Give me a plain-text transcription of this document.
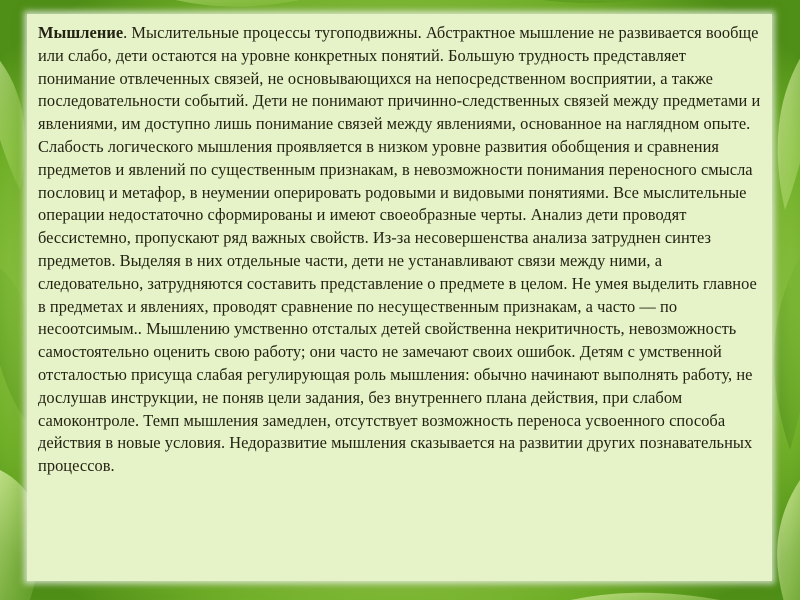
Мышление. Мыслительные процессы тугоподвижны. Абстрактное мышление не развивается вообще или слабо, дети остаются на уровне конкретных понятий. Большую трудность представляет понимание отвлеченных связей, не основывающихся на непосредственном восприятии, а также последовательности событий. Дети не понимают причинно-следственных связей между предметами и явлениями, им доступно лишь понимание связей между явлениями, основанное на наглядном опыте. Слабость логического мышления проявляется в низком уровне развития обобщения и сравнения предметов и явлений по существенным признакам, в невозможности понимания переносного смысла пословиц и метафор, в неумении оперировать родовыми и видовыми понятиями. Все мыслительные операции недостаточно сформированы и имеют своеобразные черты. Анализ дети проводят бессистемно, пропускают ряд важных свойств. Из-за несовершенства анализа затруднен синтез предметов. Выделяя в них отдельные части, дети не устанавливают связи между ними, а следовательно, затрудняются составить представление о предмете в целом. Не умея выделить главное в предметах и явлениях, проводят сравнение по несущественным признакам, а часто — по несоотсимым.. Мышлению умственно отсталых детей свойственна некритичность, невозможность самостоятельно оценить свою работу; они часто не замечают своих ошибок. Детям с умственной отсталостью присуща слабая регулирующая роль мышления: обычно начинают выполнять работу, не дослушав инструкции, не поняв цели задания, без внутреннего плана действия, при слабом самоконтроле. Темп мышления замедлен, отсутствует возможность переноса усвоенного способа действия в новые условия. Недоразвитие мышления сказывается на развитии других познавательных процессов.
